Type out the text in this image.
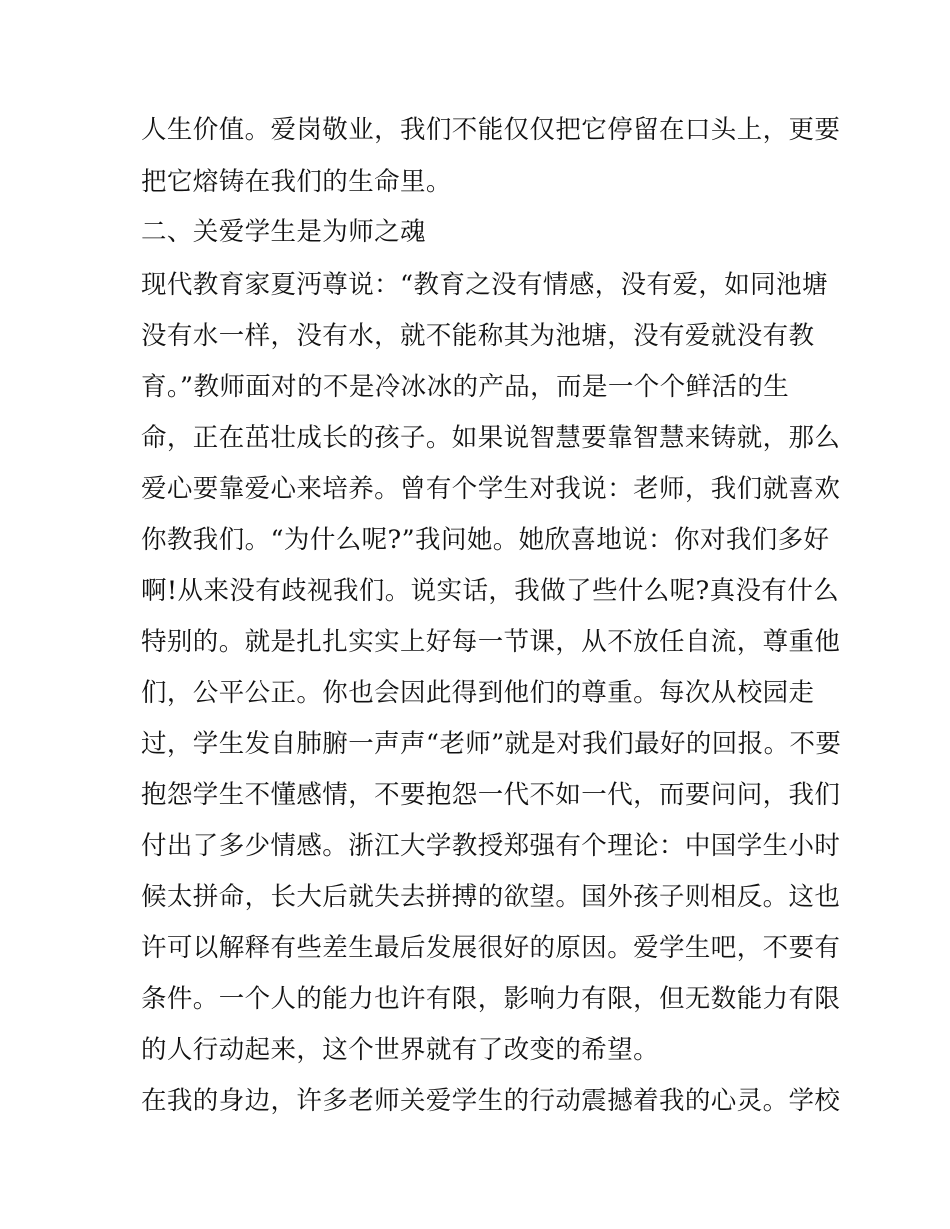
人生价值。爱岗敬业，我们不能仅仅把它停留在口头上，更要
把它熔铸在我们的生命里。
二、关爱学生是为师之魂
现代教育家夏沔尊说：“教育之没有情感，没有爱，如同池塘
没有水一样，没有水，就不能称其为池塘，没有爱就没有教
育。”教师面对的不是冷冰冰的产品，而是一个个鲜活的生
命，正在茁壮成长的孩子。如果说智慧要靠智慧来铸就，那么
爱心要靠爱心来培养。曾有个学生对我说：老师，我们就喜欢
你教我们。“为什么呢?”我问她。她欣喜地说：你对我们多好
啊!从来没有歧视我们。说实话，我做了些什么呢?真没有什么
特别的。就是扎扎实实上好每一节课，从不放任自流，尊重他
们，公平公正。你也会因此得到他们的尊重。每次从校园走
过，学生发自肺腑一声声“老师”就是对我们最好的回报。不要
抱怨学生不懂感情，不要抱怨一代不如一代，而要问问，我们
付出了多少情感。浙江大学教授郑强有个理论：中国学生小时
候太拼命，长大后就失去拼搏的欲望。国外孩子则相反。这也
许可以解释有些差生最后发展很好的原因。爱学生吧，不要有
条件。一个人的能力也许有限，影响力有限，但无数能力有限
的人行动起来，这个世界就有了改变的希望。
在我的身边，许多老师关爱学生的行动震撼着我的心灵。学校
